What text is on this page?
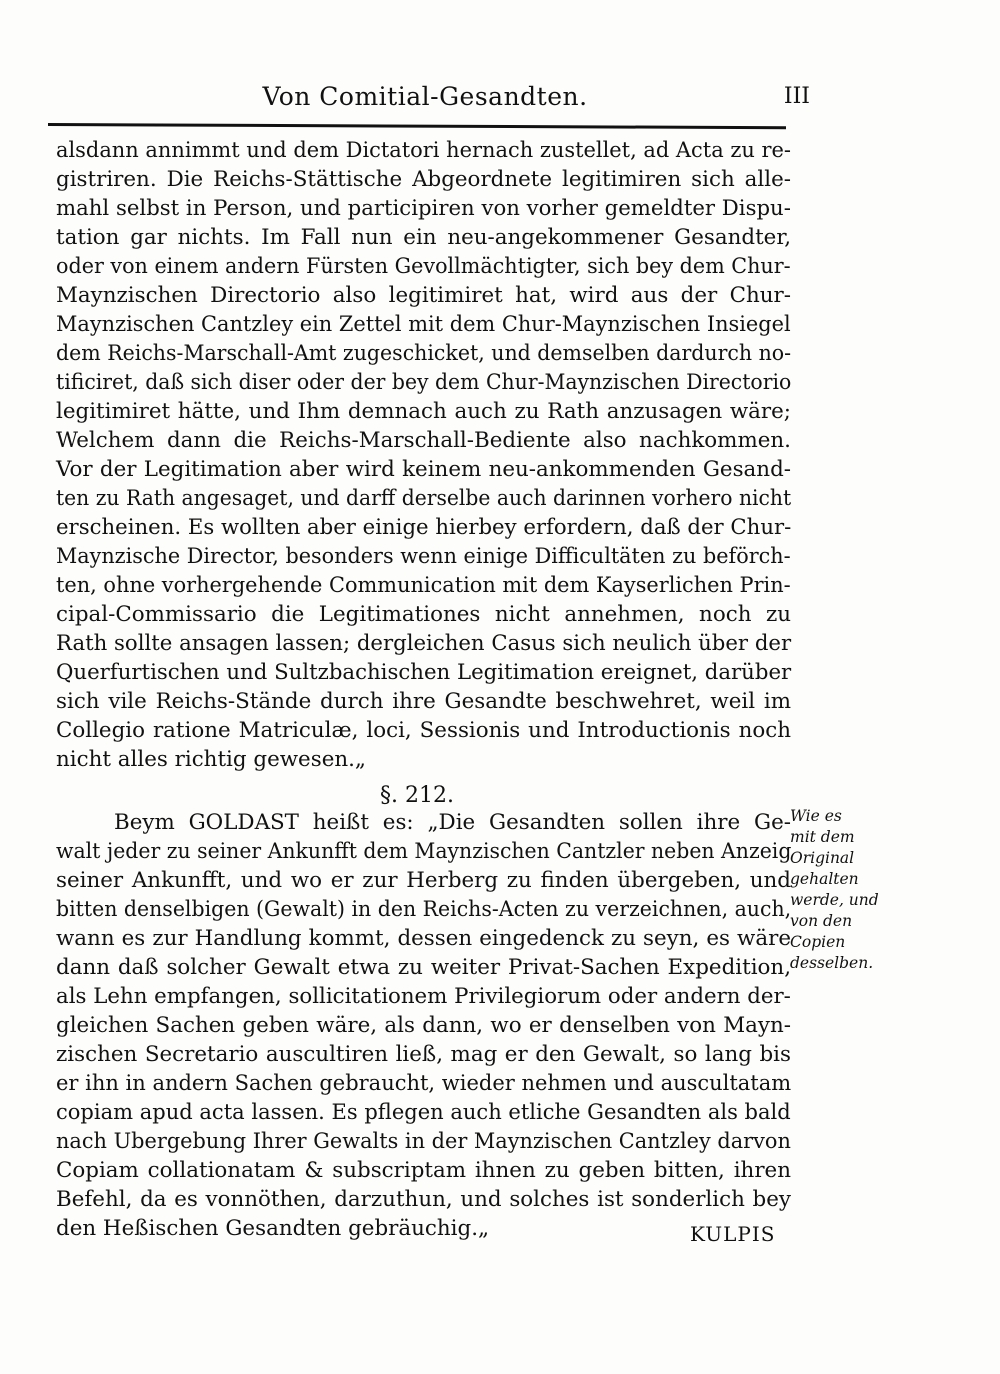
Von Comitial-Gesandten.	III
alsdann annimmt und dem Dictatori hernach zustellet, ad Acta zu re-
gistriren. Die Reichs-Stättische Abgeordnete legitimiren sich alle-
mahl selbst in Person, und participiren von vorher gemeldter Dispu-
tation gar nichts. Im Fall nun ein neu-angekommener Gesandter,
oder von einem andern Fürsten Gevollmächtigter, sich bey dem Chur-
Maynzischen Directorio also legitimiret hat, wird aus der Chur-
Maynzischen Cantzley ein Zettel mit dem Chur-Maynzischen Insiegel
dem Reichs-Marschall-Amt zugeschicket, und demselben dardurch no-
tificiret, daß sich diser oder der bey dem Chur-Maynzischen Directorio
legitimiret hätte, und Ihm demnach auch zu Rath anzusagen wäre;
Welchem dann die Reichs-Marschall-Bediente also nachkommen.
Vor der Legitimation aber wird keinem neu-ankommenden Gesand-
ten zu Rath angesaget, und darff derselbe auch darinnen vorhero nicht
erscheinen. Es wollten aber einige hierbey erfordern, daß der Chur-
Maynzische Director, besonders wenn einige Difficultäten zu beförch-
ten, ohne vorhergehende Communication mit dem Kayserlichen Prin-
cipal-Commissario die Legitimationes nicht annehmen, noch zu
Rath sollte ansagen lassen; dergleichen Casus sich neulich über der
Querfurtischen und Sultzbachischen Legitimation ereignet, darüber
sich vile Reichs-Stände durch ihre Gesandte beschwehret, weil im
Collegio ratione Matriculæ, loci, Sessionis und Introductionis noch
nicht alles richtig gewesen.„
§. 212.
Beym GOLDAST heißt es: „Die Gesandten sollen ihre Ge-
walt jeder zu seiner Ankunfft dem Maynzischen Cantzler neben Anzeig
seiner Ankunfft, und wo er zur Herberg zu finden übergeben, und
bitten denselbigen (Gewalt) in den Reichs-Acten zu verzeichnen, auch,
wann es zur Handlung kommt, dessen eingedenck zu seyn, es wäre
dann daß solcher Gewalt etwa zu weiter Privat-Sachen Expedition,
als Lehn empfangen, sollicitationem Privilegiorum oder andern der-
gleichen Sachen geben wäre, als dann, wo er denselben von Mayn-
zischen Secretario auscultiren ließ, mag er den Gewalt, so lang bis
er ihn in andern Sachen gebraucht, wieder nehmen und auscultatam
copiam apud acta lassen. Es pflegen auch etliche Gesandten als bald
nach Ubergebung Ihrer Gewalts in der Maynzischen Cantzley darvon
Copiam collationatam & subscriptam ihnen zu geben bitten, ihren
Befehl, da es vonnöthen, darzuthun, und solches ist sonderlich bey
den Heßischen Gesandten gebräuchig.„
Wie es
mit dem
Original
gehalten
werde, und
von den
Copien
desselben.
KULPIS
